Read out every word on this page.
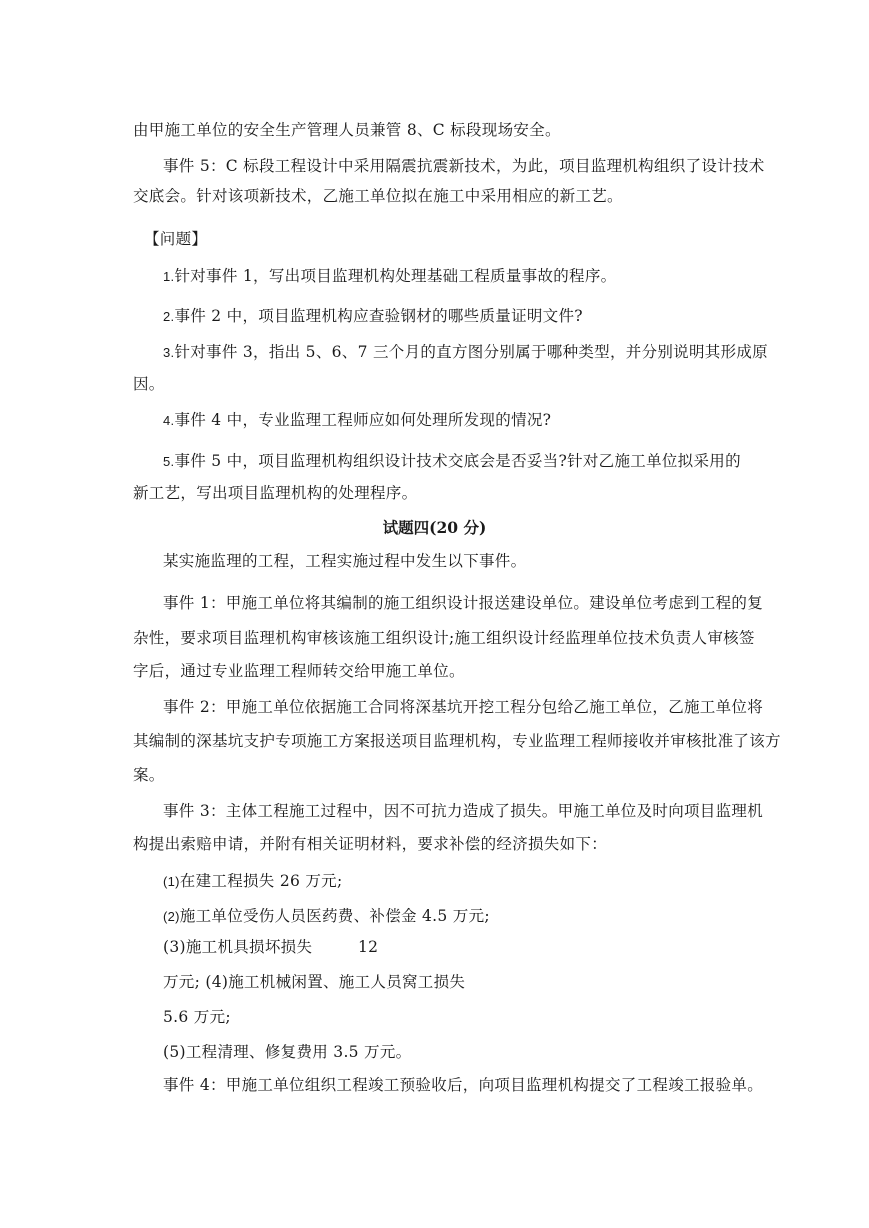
由甲施工单位的安全生产管理人员兼管 8、C 标段现场安全。
事件 5：C 标段工程设计中采用隔震抗震新技术，为此，项目监理机构组织了设计技术
交底会。针对该项新技术，乙施工单位拟在施工中采用相应的新工艺。
【问题】
1.针对事件 1，写出项目监理机构处理基础工程质量事故的程序。
2.事件 2 中，项目监理机构应查验钢材的哪些质量证明文件?
3.针对事件 3，指出 5、6、7 三个月的直方图分别属于哪种类型，并分别说明其形成原
因。
4.事件 4 中，专业监理工程师应如何处理所发现的情况?
5.事件 5 中，项目监理机构组织设计技术交底会是否妥当?针对乙施工单位拟采用的
新工艺，写出项目监理机构的处理程序。
试题四(20 分)
某实施监理的工程，工程实施过程中发生以下事件。
事件 1：甲施工单位将其编制的施工组织设计报送建设单位。建设单位考虑到工程的复
杂性，要求项目监理机构审核该施工组织设计;施工组织设计经监理单位技术负责人审核签
字后，通过专业监理工程师转交给甲施工单位。
事件 2：甲施工单位依据施工合同将深基坑开挖工程分包给乙施工单位，乙施工单位将
其编制的深基坑支护专项施工方案报送项目监理机构，专业监理工程师接收并审核批准了该方
案。
事件 3：主体工程施工过程中，因不可抗力造成了损失。甲施工单位及时向项目监理机
构提出索赔申请，并附有相关证明材料，要求补偿的经济损失如下：
(1)在建工程损失 26 万元;
(2)施工单位受伤人员医药费、补偿金 4.5 万元;
(3)施工机具损坏损失	12
万元; (4)施工机械闲置、施工人员窝工损失
5.6 万元;
(5)工程清理、修复费用 3.5 万元。
事件 4：甲施工单位组织工程竣工预验收后，向项目监理机构提交了工程竣工报验单。
